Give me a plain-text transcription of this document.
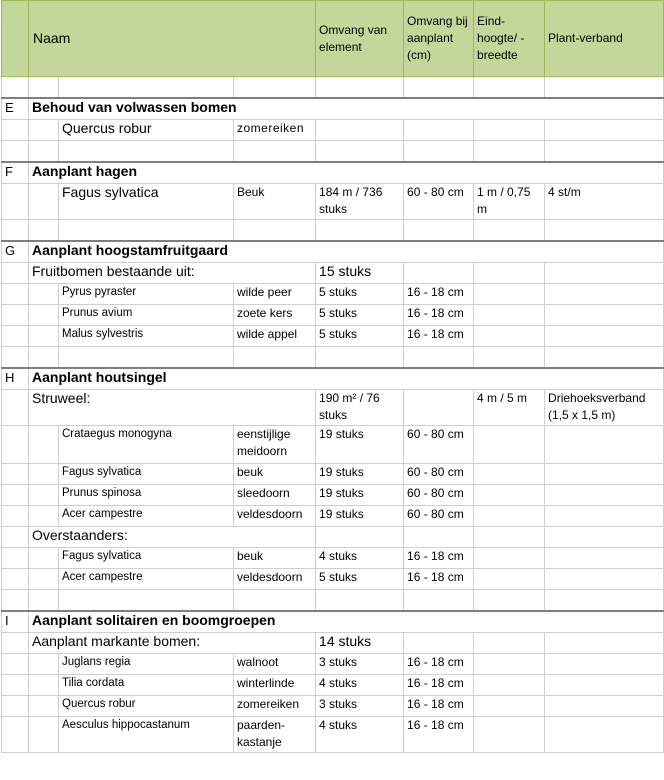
	Naam			Omvang van element	Omvang bij aanplant (cm)	Eind-hoogte/ -breedte	Plant-verband

E	Behoud van volwassen bomen						
		Quercus robur	zomereiken				

F	Aanplant hagen						
		Fagus sylvatica	Beuk	184 m / 736 stuks	60 - 80 cm	1 m / 0,75 m	4 st/m

G	Aanplant hoogstamfruitgaard						
	Fruitbomen bestaande uit:			15 stuks			
		Pyrus pyraster	wilde peer	5 stuks	16 - 18 cm		
		Prunus avium	zoete kers	5 stuks	16 - 18 cm		
		Malus sylvestris	wilde appel	5 stuks	16 - 18 cm		

H	Aanplant houtsingel						
	Struweel:			190 m² / 76 stuks		4 m / 5 m	Driehoeksverband (1,5 x 1,5 m)
		Crataegus monogyna	eenstijlige meidoorn	19 stuks	60 - 80 cm		
		Fagus sylvatica	beuk	19 stuks	60 - 80 cm		
		Prunus spinosa	sleedoorn	19 stuks	60 - 80 cm		
		Acer campestre	veldesdoorn	19 stuks	60 - 80 cm		
	Overstaanders:						
		Fagus sylvatica	beuk	4 stuks	16 - 18 cm		
		Acer campestre	veldesdoorn	5 stuks	16 - 18 cm		

I	Aanplant solitairen en boomgroepen						
	Aanplant markante bomen:			14 stuks			
		Juglans regia	walnoot	3 stuks	16 - 18 cm		
		Tilia cordata	winterlinde	4 stuks	16 - 18 cm		
		Quercus robur	zomereiken	3 stuks	16 - 18 cm		
		Aesculus hippocastanum	paarden-kastanje	4 stuks	16 - 18 cm		
